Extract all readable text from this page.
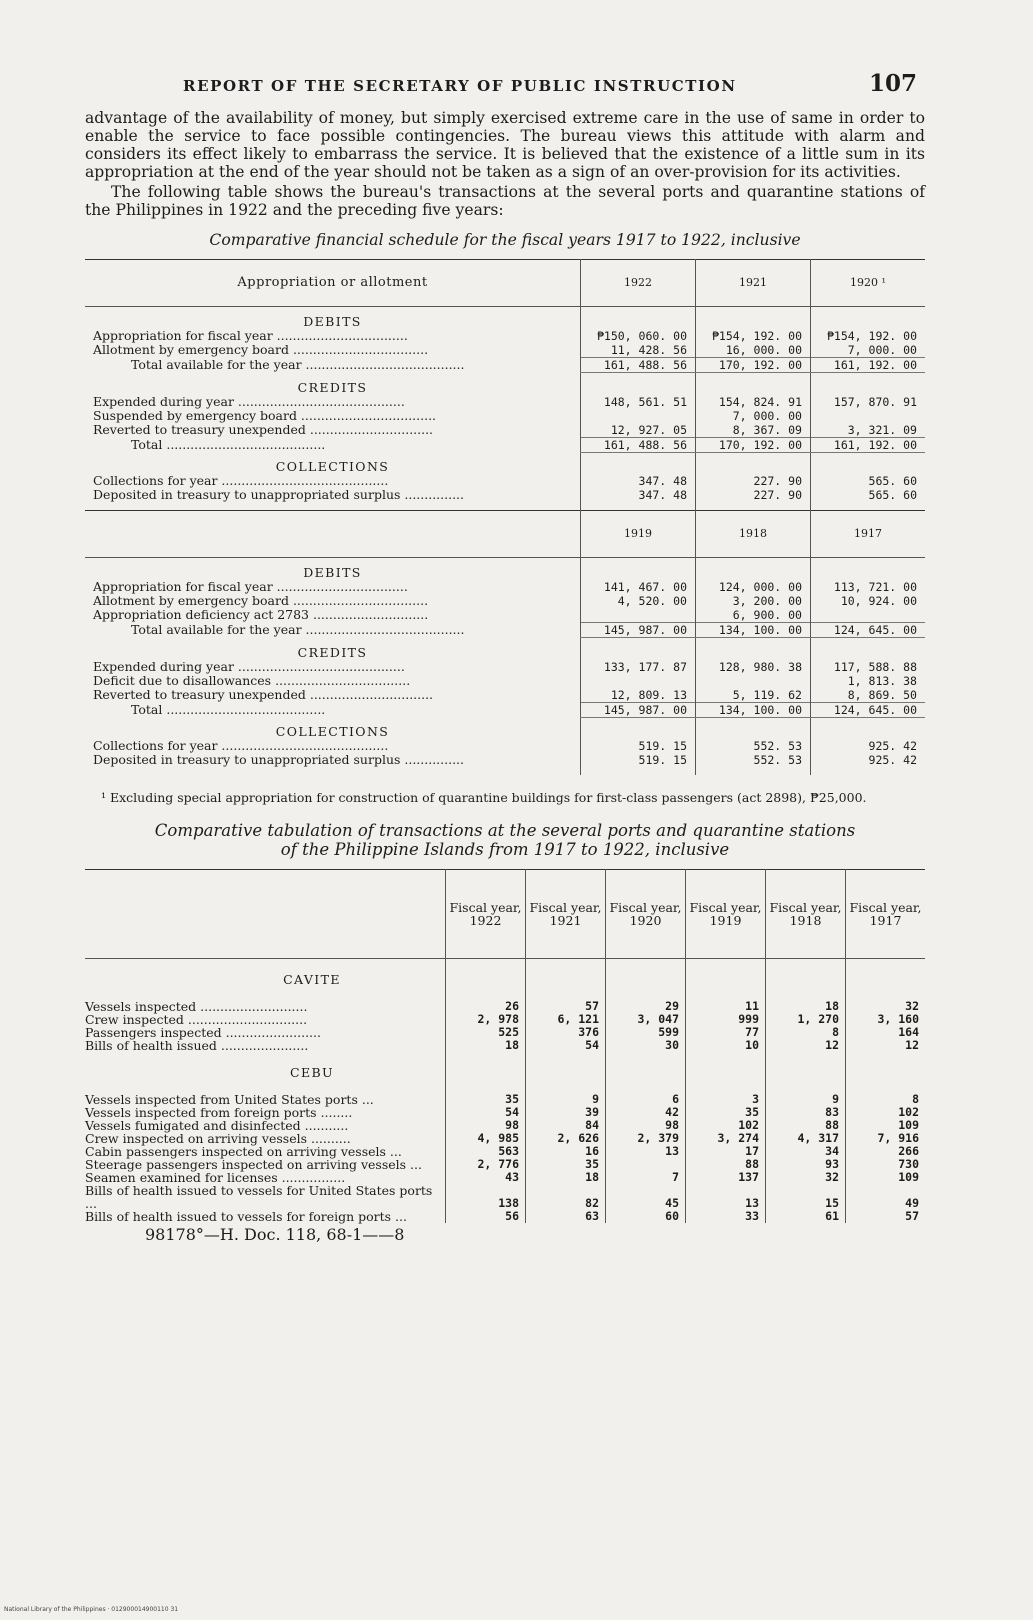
REPORT OF THE SECRETARY OF PUBLIC INSTRUCTION	107

advantage of the availability of money, but simply exercised extreme care in the use of same in order to enable the service to face possible contingencies. The bureau views this attitude with alarm and considers its effect likely to embarrass the service. It is believed that the existence of a little sum in its appropriation at the end of the year should not be taken as a sign of an over-provision for its activities.

The following table shows the bureau's transactions at the several ports and quarantine stations of the Philippines in 1922 and the preceding five years:

Comparative financial schedule for the fiscal years 1917 to 1922, inclusive
Appropriation or allotment	1922	1921	1920 ¹
DEBITS			
Appropriation for fiscal year .................................	₱150, 060. 00	₱154, 192. 00	₱154, 192. 00
Allotment by emergency board ..................................	11, 428. 56	16, 000. 00	7, 000. 00
Total available for the year ........................................	161, 488. 56	170, 192. 00	161, 192. 00
CREDITS			
Expended during year ..........................................	148, 561. 51	154, 824. 91	157, 870. 91
Suspended by emergency board ..................................		7, 000. 00	
Reverted to treasury unexpended ...............................	12, 927. 05	8, 367. 09	3, 321. 09
Total ........................................	161, 488. 56	170, 192. 00	161, 192. 00
COLLECTIONS			
Collections for year ..........................................	347. 48	227. 90	565. 60
Deposited in treasury to unappropriated surplus ...............	347. 48	227. 90	565. 60

	1919	1918	1917
DEBITS			
Appropriation for fiscal year .................................	141, 467. 00	124, 000. 00	113, 721. 00
Allotment by emergency board ..................................	4, 520. 00	3, 200. 00	10, 924. 00
Appropriation deficiency act 2783 .............................		6, 900. 00	
Total available for the year ........................................	145, 987. 00	134, 100. 00	124, 645. 00
CREDITS			
Expended during year ..........................................	133, 177. 87	128, 980. 38	117, 588. 88
Deficit due to disallowances ..................................			1, 813. 38
Reverted to treasury unexpended ...............................	12, 809. 13	5, 119. 62	8, 869. 50
Total ........................................	145, 987. 00	134, 100. 00	124, 645. 00
COLLECTIONS			
Collections for year ..........................................	519. 15	552. 53	925. 42
Deposited in treasury to unappropriated surplus ...............	519. 15	552. 53	925. 42

¹ Excluding special appropriation for construction of quarantine buildings for first-class passengers (act 2898), ₱25,000.

Comparative tabulation of transactions at the several ports and quarantine stations
of the Philippine Islands from 1917 to 1922, inclusive
	Fiscal year, 1922	Fiscal year, 1921	Fiscal year, 1920	Fiscal year, 1919	Fiscal year, 1918	Fiscal year, 1917
CAVITE						
Vessels inspected ...........................	26	57	29	11	18	32
Crew inspected ..............................	2, 978	6, 121	3, 047	999	1, 270	3, 160
Passengers inspected ........................	525	376	599	77	8	164
Bills of health issued ......................	18	54	30	10	12	12
CEBU						
Vessels inspected from United States ports ...	35	9	6	3	9	8
Vessels inspected from foreign ports ........	54	39	42	35	83	102
Vessels fumigated and disinfected ...........	98	84	98	102	88	109
Crew inspected on arriving vessels ..........	4, 985	2, 626	2, 379	3, 274	4, 317	7, 916
Cabin passengers inspected on arriving vessels ...	563	16	13	17	34	266
Steerage passengers inspected on arriving vessels ...	2, 776	35		88	93	730
Seamen examined for licenses ................	43	18	7	137	32	109
Bills of health issued to vessels for United States ports ...	138	82	45	13	15	49
Bills of health issued to vessels for foreign ports ...	56	63	60	33	61	57
98178°—H. Doc. 118, 68-1——8
National Library of the Philippines · 012900014900110 31
